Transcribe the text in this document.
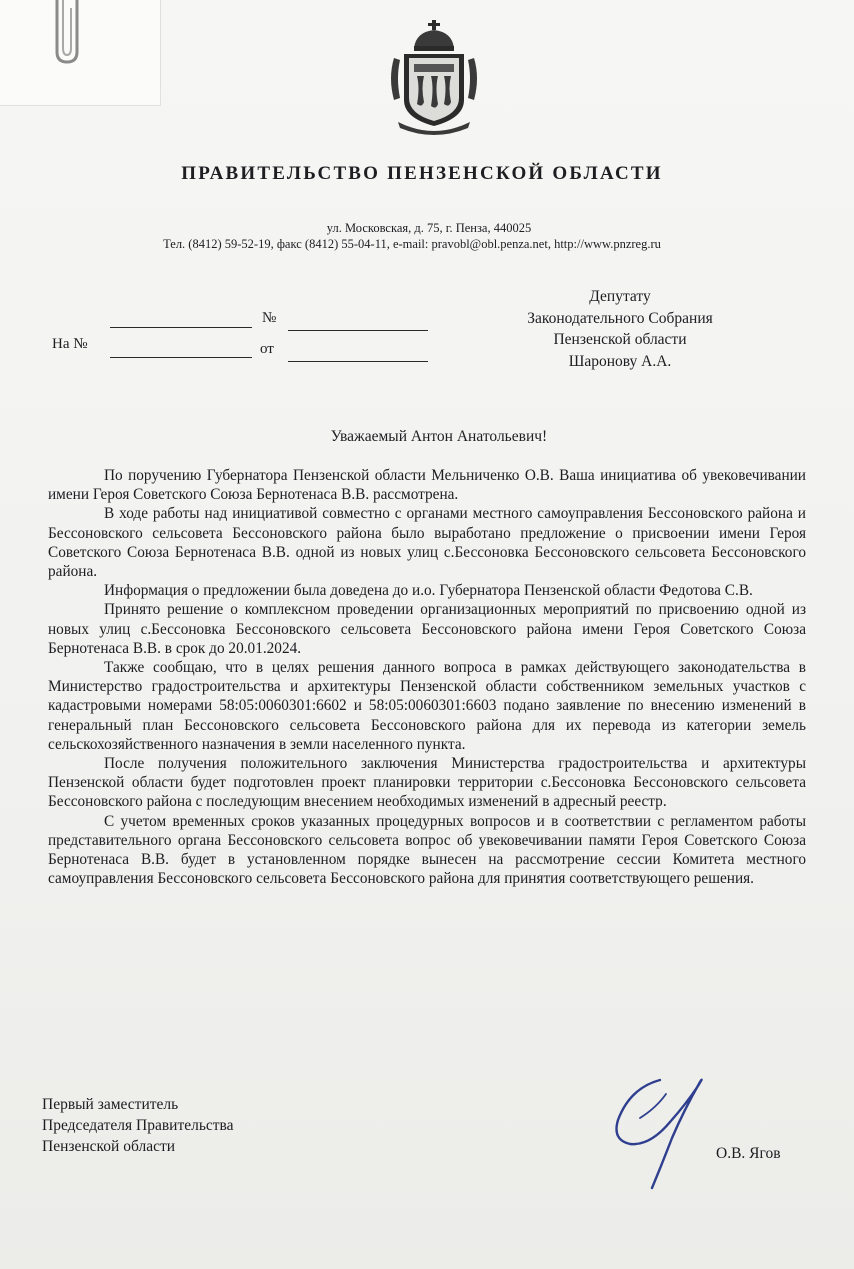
ПРАВИТЕЛЬСТВО ПЕНЗЕНСКОЙ ОБЛАСТИ
ул. Московская, д. 75, г. Пенза, 440025
Тел. (8412) 59-52-19, факс (8412) 55-04-11, e-mail: pravobl@obl.penza.net, http://www.pnzreg.ru
№
На №	от
Депутату
Законодательного Собрания
Пензенской области
Шаронову А.А.
Уважаемый Антон Анатольевич!

По поручению Губернатора Пензенской области Мельниченко О.В. Ваша инициатива об увековечивании имени Героя Советского Союза Бернотенаса В.В. рассмотрена.

В ходе работы над инициативой совместно с органами местного самоуправления Бессоновского района и Бессоновского сельсовета Бессоновского района было выработано предложение о присвоении имени Героя Советского Союза Бернотенаса В.В. одной из новых улиц с.Бессоновка Бессоновского сельсовета Бессоновского района.

Информация о предложении была доведена до и.о. Губернатора Пензенской области Федотова С.В.

Принято решение о комплексном проведении организационных мероприятий по присвоению одной из новых улиц с.Бессоновка Бессоновского сельсовета Бессоновского района имени Героя Советского Союза Бернотенаса В.В. в срок до 20.01.2024.

Также сообщаю, что в целях решения данного вопроса в рамках действующего законодательства в Министерство градостроительства и архитектуры Пензенской области собственником земельных участков с кадастровыми номерами 58:05:0060301:6602 и 58:05:0060301:6603 подано заявление по внесению изменений в генеральный план Бессоновского сельсовета Бессоновского района для их перевода из категории земель сельскохозяйственного назначения в земли населенного пункта.

После получения положительного заключения Министерства градостроительства и архитектуры Пензенской области будет подготовлен проект планировки территории с.Бессоновка Бессоновского сельсовета Бессоновского района с последующим внесением необходимых изменений в адресный реестр.

С учетом временных сроков указанных процедурных вопросов и в соответствии с регламентом работы представительного органа Бессоновского сельсовета вопрос об увековечивании памяти Героя Советского Союза Бернотенаса В.В. будет в установленном порядке вынесен на рассмотрение сессии Комитета местного самоуправления Бессоновского сельсовета Бессоновского района для принятия соответствующего решения.

Первый заместитель
Председателя Правительства
Пензенской области	О.В. Ягов
